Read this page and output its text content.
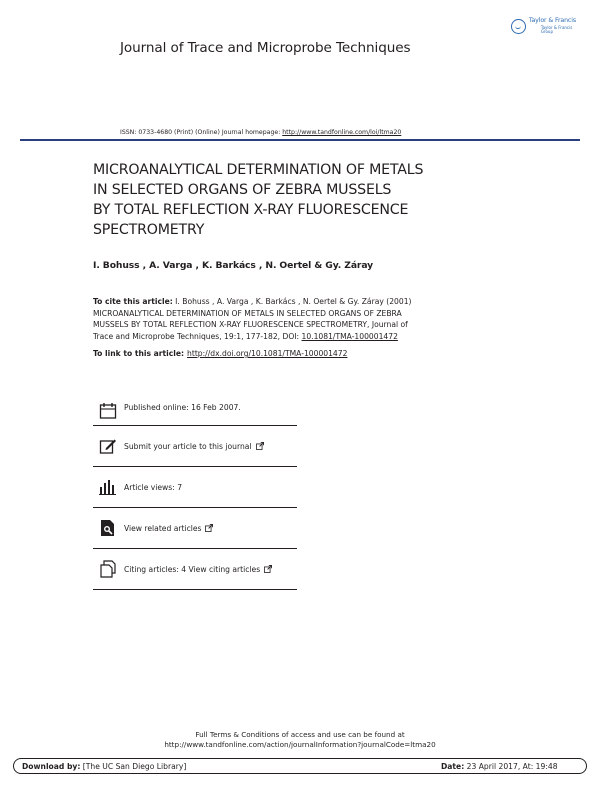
Taylor & Francis
Taylor & Francis Group
Journal of Trace and Microprobe Techniques
ISSN: 0733-4680 (Print) (Online) Journal homepage: http://www.tandfonline.com/loi/ltma20
MICROANALYTICAL DETERMINATION OF METALS
IN SELECTED ORGANS OF ZEBRA MUSSELS
BY TOTAL REFLECTION X-RAY FLUORESCENCE
SPECTROMETRY
I. Bohuss , A. Varga , K. Barkács , N. Oertel & Gy. Záray
To cite this article: I. Bohuss , A. Varga , K. Barkács , N. Oertel & Gy. Záray (2001)
MICROANALYTICAL DETERMINATION OF METALS IN SELECTED ORGANS OF ZEBRA
MUSSELS BY TOTAL REFLECTION X-RAY FLUORESCENCE SPECTROMETRY, Journal of
Trace and Microprobe Techniques, 19:1, 177-182, DOI: 10.1081/TMA-100001472
To link to this article: http://dx.doi.org/10.1081/TMA-100001472
Published online: 16 Feb 2007.
Submit your article to this journal
Article views: 7
View related articles
Citing articles: 4 View citing articles
Full Terms & Conditions of access and use can be found at
http://www.tandfonline.com/action/journalInformation?journalCode=ltma20
Download by: [The UC San Diego Library]	Date: 23 April 2017, At: 19:48
